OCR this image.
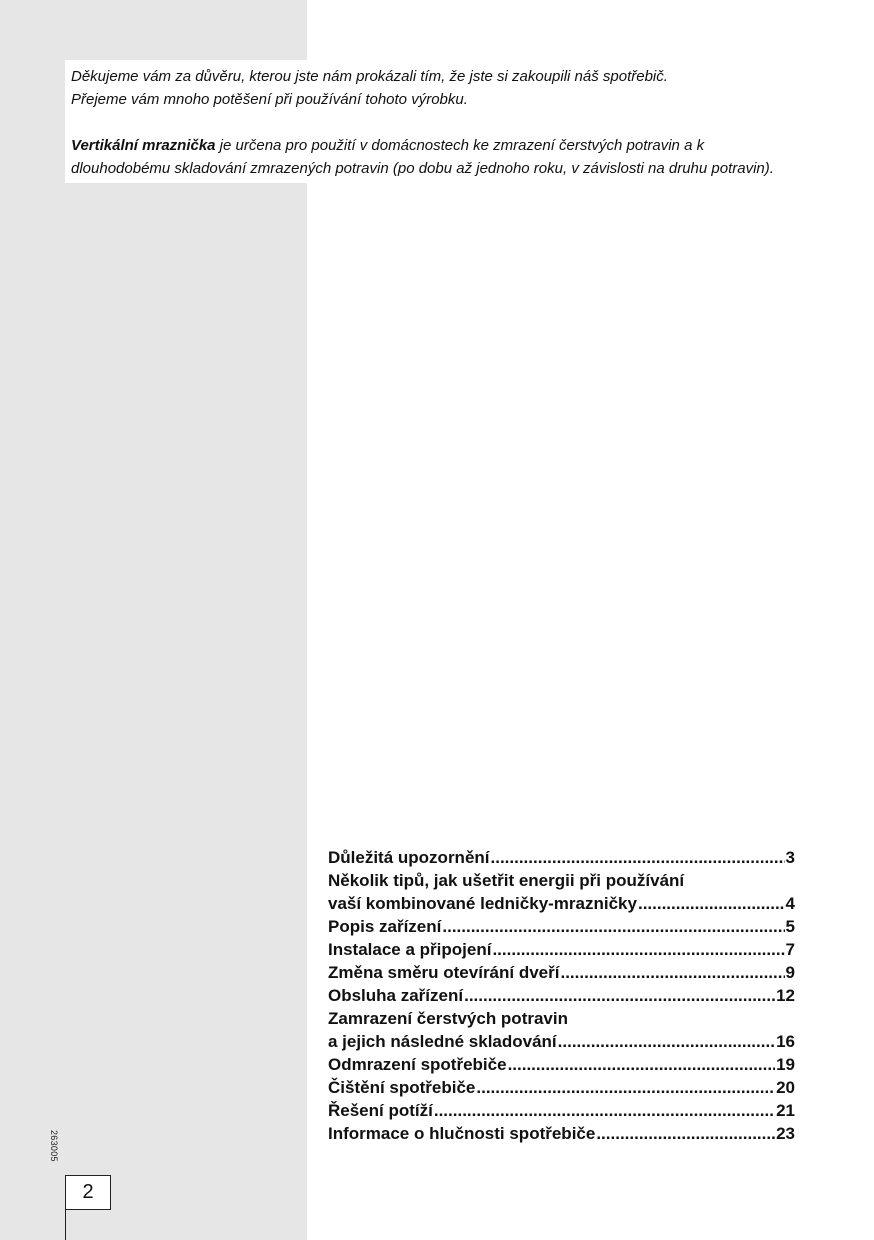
Děkujeme vám za důvěru, kterou jste nám prokázali tím, že jste si zakoupili náš spotřebič.
Přejeme vám mnoho potěšení při používání tohoto výrobku.

Vertikální mraznička je určena pro použití v domácnostech ke zmrazení čerstvých potravin a k dlouhodobému skladování zmrazených potravin (po dobu až jednoho roku, v závislosti na druhu potravin).

Důležitá upozornění .....	3
Několik tipů, jak ušetřit energii při používání
vaší kombinované ledničky-mrazničky .....	4
Popis zařízení .....	5
Instalace a připojení .....	7
Změna směru otevírání dveří .....	9
Obsluha zařízení .....	12
Zamrazení čerstvých potravin
a jejich následné skladování .....	16
Odmrazení spotřebiče .....	19
Čištění spotřebiče .....	20
Řešení potíží .....	21
Informace o hlučnosti spotřebiče .....	23
263005
2
